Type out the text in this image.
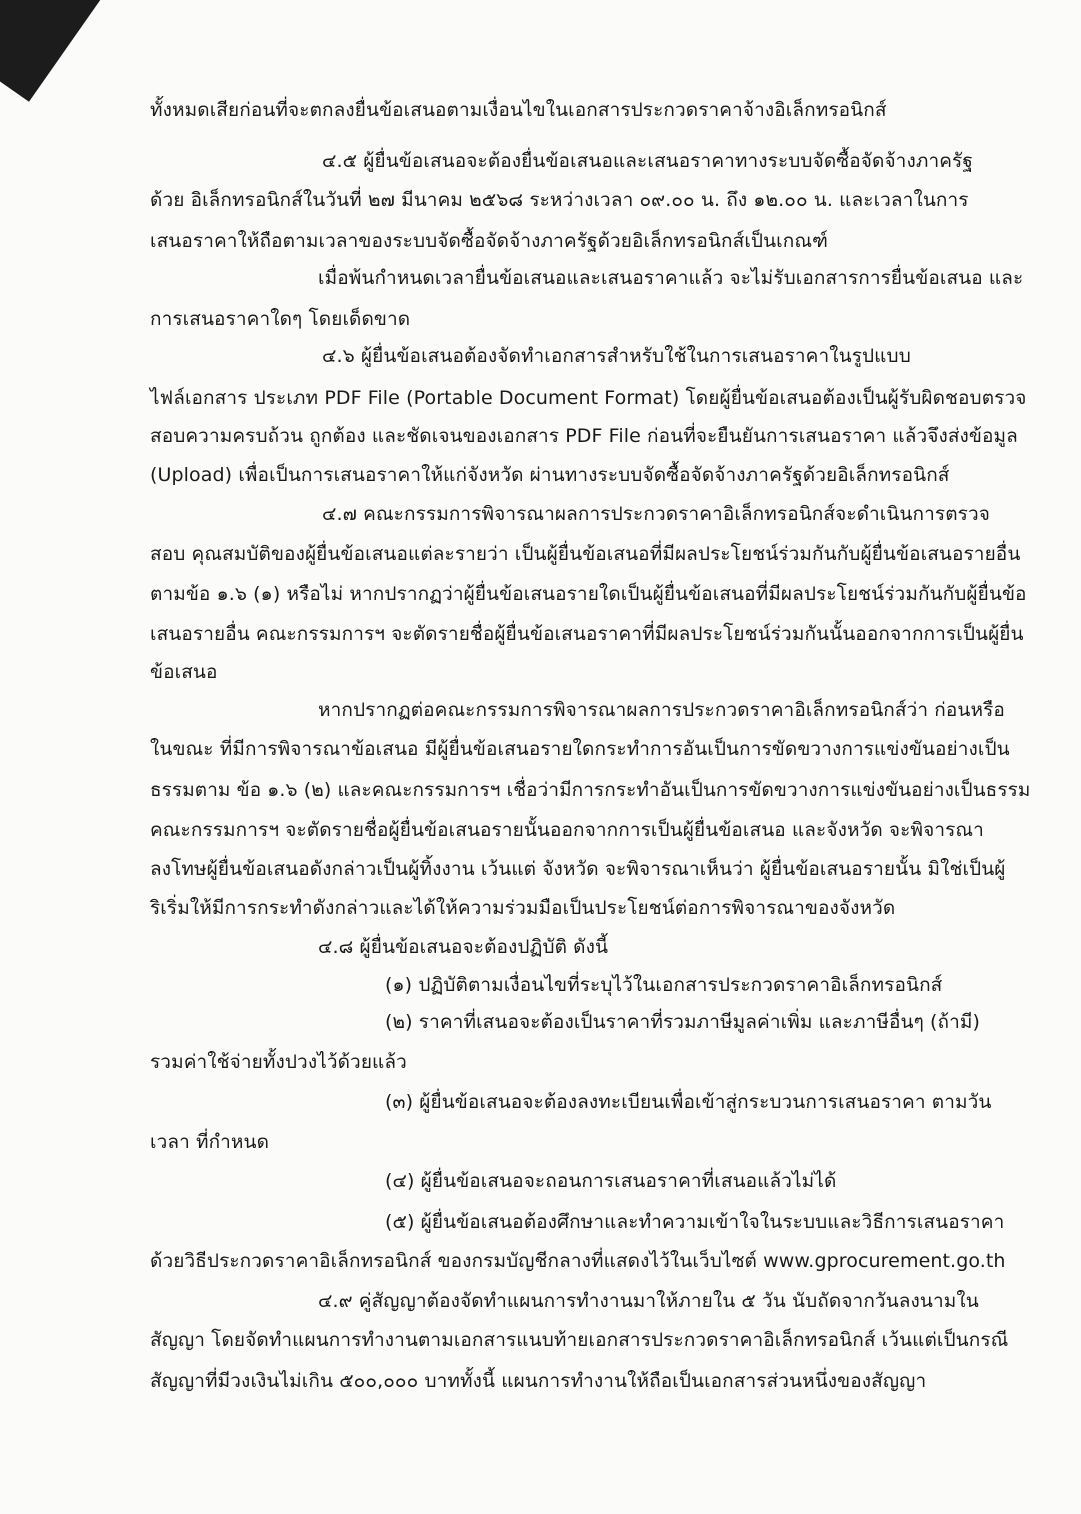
ทั้งหมดเสียก่อนที่จะตกลงยื่นข้อเสนอตามเงื่อนไขในเอกสารประกวดราคาจ้างอิเล็กทรอนิกส์
๔.๕ ผู้ยื่นข้อเสนอจะต้องยื่นข้อเสนอและเสนอราคาทางระบบจัดซื้อจัดจ้างภาครัฐ
ด้วย อิเล็กทรอนิกส์ในวันที่ ๒๗ มีนาคม ๒๕๖๘ ระหว่างเวลา ๐๙.๐๐ น. ถึง ๑๒.๐๐ น. และเวลาในการ
เสนอราคาให้ถือตามเวลาของระบบจัดซื้อจัดจ้างภาครัฐด้วยอิเล็กทรอนิกส์เป็นเกณฑ์
เมื่อพ้นกำหนดเวลายื่นข้อเสนอและเสนอราคาแล้ว จะไม่รับเอกสารการยื่นข้อเสนอ และ
การเสนอราคาใดๆ โดยเด็ดขาด
๔.๖ ผู้ยื่นข้อเสนอต้องจัดทำเอกสารสำหรับใช้ในการเสนอราคาในรูปแบบ
ไฟล์เอกสาร ประเภท PDF File (Portable Document Format) โดยผู้ยื่นข้อเสนอต้องเป็นผู้รับผิดชอบตรวจ
สอบความครบถ้วน ถูกต้อง และชัดเจนของเอกสาร PDF File ก่อนที่จะยืนยันการเสนอราคา แล้วจึงส่งข้อมูล
(Upload) เพื่อเป็นการเสนอราคาให้แก่จังหวัด ผ่านทางระบบจัดซื้อจัดจ้างภาครัฐด้วยอิเล็กทรอนิกส์
๔.๗ คณะกรรมการพิจารณาผลการประกวดราคาอิเล็กทรอนิกส์จะดำเนินการตรวจ
สอบ คุณสมบัติของผู้ยื่นข้อเสนอแต่ละรายว่า เป็นผู้ยื่นข้อเสนอที่มีผลประโยชน์ร่วมกันกับผู้ยื่นข้อเสนอรายอื่น
ตามข้อ ๑.๖ (๑) หรือไม่ หากปรากฏว่าผู้ยื่นข้อเสนอรายใดเป็นผู้ยื่นข้อเสนอที่มีผลประโยชน์ร่วมกันกับผู้ยื่นข้อ
เสนอรายอื่น คณะกรรมการฯ จะตัดรายชื่อผู้ยื่นข้อเสนอราคาที่มีผลประโยชน์ร่วมกันนั้นออกจากการเป็นผู้ยื่น
ข้อเสนอ
หากปรากฏต่อคณะกรรมการพิจารณาผลการประกวดราคาอิเล็กทรอนิกส์ว่า ก่อนหรือ
ในขณะ ที่มีการพิจารณาข้อเสนอ มีผู้ยื่นข้อเสนอรายใดกระทำการอันเป็นการขัดขวางการแข่งขันอย่างเป็น
ธรรมตาม ข้อ ๑.๖ (๒) และคณะกรรมการฯ เชื่อว่ามีการกระทำอันเป็นการขัดขวางการแข่งขันอย่างเป็นธรรม
คณะกรรมการฯ จะตัดรายชื่อผู้ยื่นข้อเสนอรายนั้นออกจากการเป็นผู้ยื่นข้อเสนอ และจังหวัด จะพิจารณา
ลงโทษผู้ยื่นข้อเสนอดังกล่าวเป็นผู้ทิ้งงาน เว้นแต่ จังหวัด จะพิจารณาเห็นว่า ผู้ยื่นข้อเสนอรายนั้น มิใช่เป็นผู้
ริเริ่มให้มีการกระทำดังกล่าวและได้ให้ความร่วมมือเป็นประโยชน์ต่อการพิจารณาของจังหวัด
๔.๘ ผู้ยื่นข้อเสนอจะต้องปฏิบัติ ดังนี้
(๑) ปฏิบัติตามเงื่อนไขที่ระบุไว้ในเอกสารประกวดราคาอิเล็กทรอนิกส์
(๒) ราคาที่เสนอจะต้องเป็นราคาที่รวมภาษีมูลค่าเพิ่ม และภาษีอื่นๆ (ถ้ามี)
รวมค่าใช้จ่ายทั้งปวงไว้ด้วยแล้ว
(๓) ผู้ยื่นข้อเสนอจะต้องลงทะเบียนเพื่อเข้าสู่กระบวนการเสนอราคา ตามวัน
เวลา ที่กำหนด
(๔) ผู้ยื่นข้อเสนอจะถอนการเสนอราคาที่เสนอแล้วไม่ได้
(๕) ผู้ยื่นข้อเสนอต้องศึกษาและทำความเข้าใจในระบบและวิธีการเสนอราคา
ด้วยวิธีประกวดราคาอิเล็กทรอนิกส์ ของกรมบัญชีกลางที่แสดงไว้ในเว็บไซต์ www.gprocurement.go.th
๔.๙ คู่สัญญาต้องจัดทำแผนการทำงานมาให้ภายใน ๕ วัน นับถัดจากวันลงนามใน
สัญญา โดยจัดทำแผนการทำงานตามเอกสารแนบท้ายเอกสารประกวดราคาอิเล็กทรอนิกส์ เว้นแต่เป็นกรณี
สัญญาที่มีวงเงินไม่เกิน ๕๐๐,๐๐๐ บาททั้งนี้ แผนการทำงานให้ถือเป็นเอกสารส่วนหนึ่งของสัญญา
